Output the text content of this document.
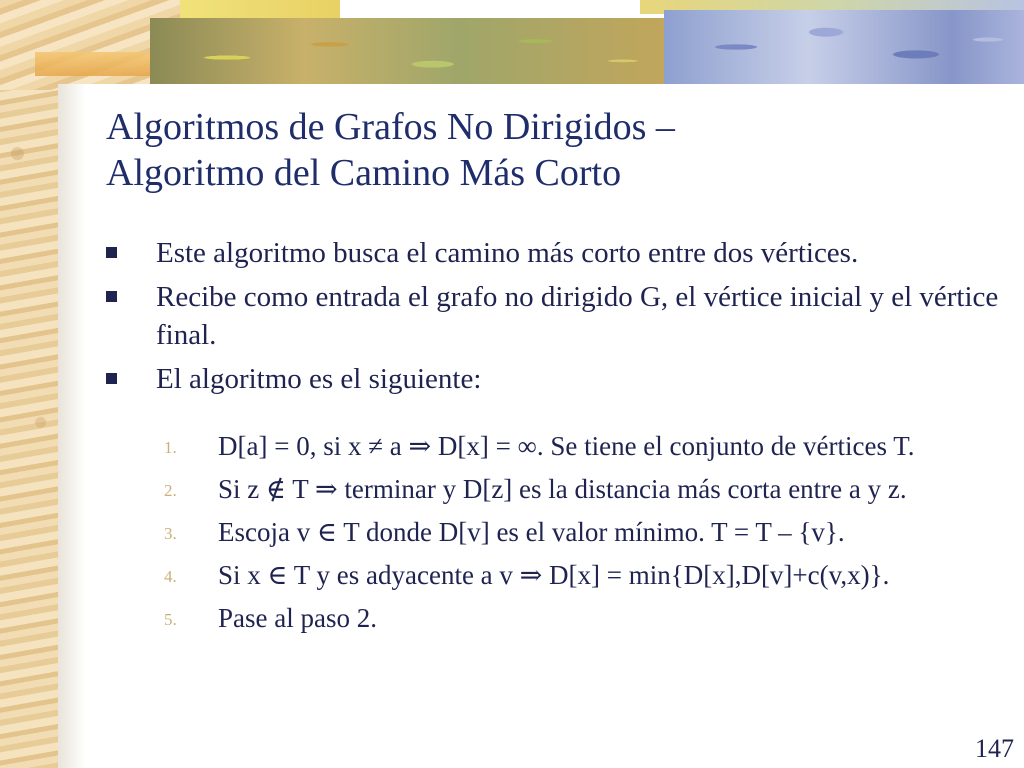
Algoritmos de Grafos No Dirigidos –
Algoritmo del Camino Más Corto
Este algoritmo busca el camino más corto entre dos vértices.
Recibe como entrada el grafo no dirigido G, el vértice inicial y el vértice final.
El algoritmo es el siguiente:
1. D[a] = 0, si x ≠ a ⇒ D[x] = ∞. Se tiene el conjunto de vértices T.
2. Si z ∉ T ⇒ terminar y D[z] es la distancia más corta entre a y z.
3. Escoja v ∈ T donde D[v] es el valor mínimo. T = T – {v}.
4. Si x ∈ T y es adyacente a v ⇒ D[x] = min{D[x],D[v]+c(v,x)}.
5. Pase al paso 2.
147
